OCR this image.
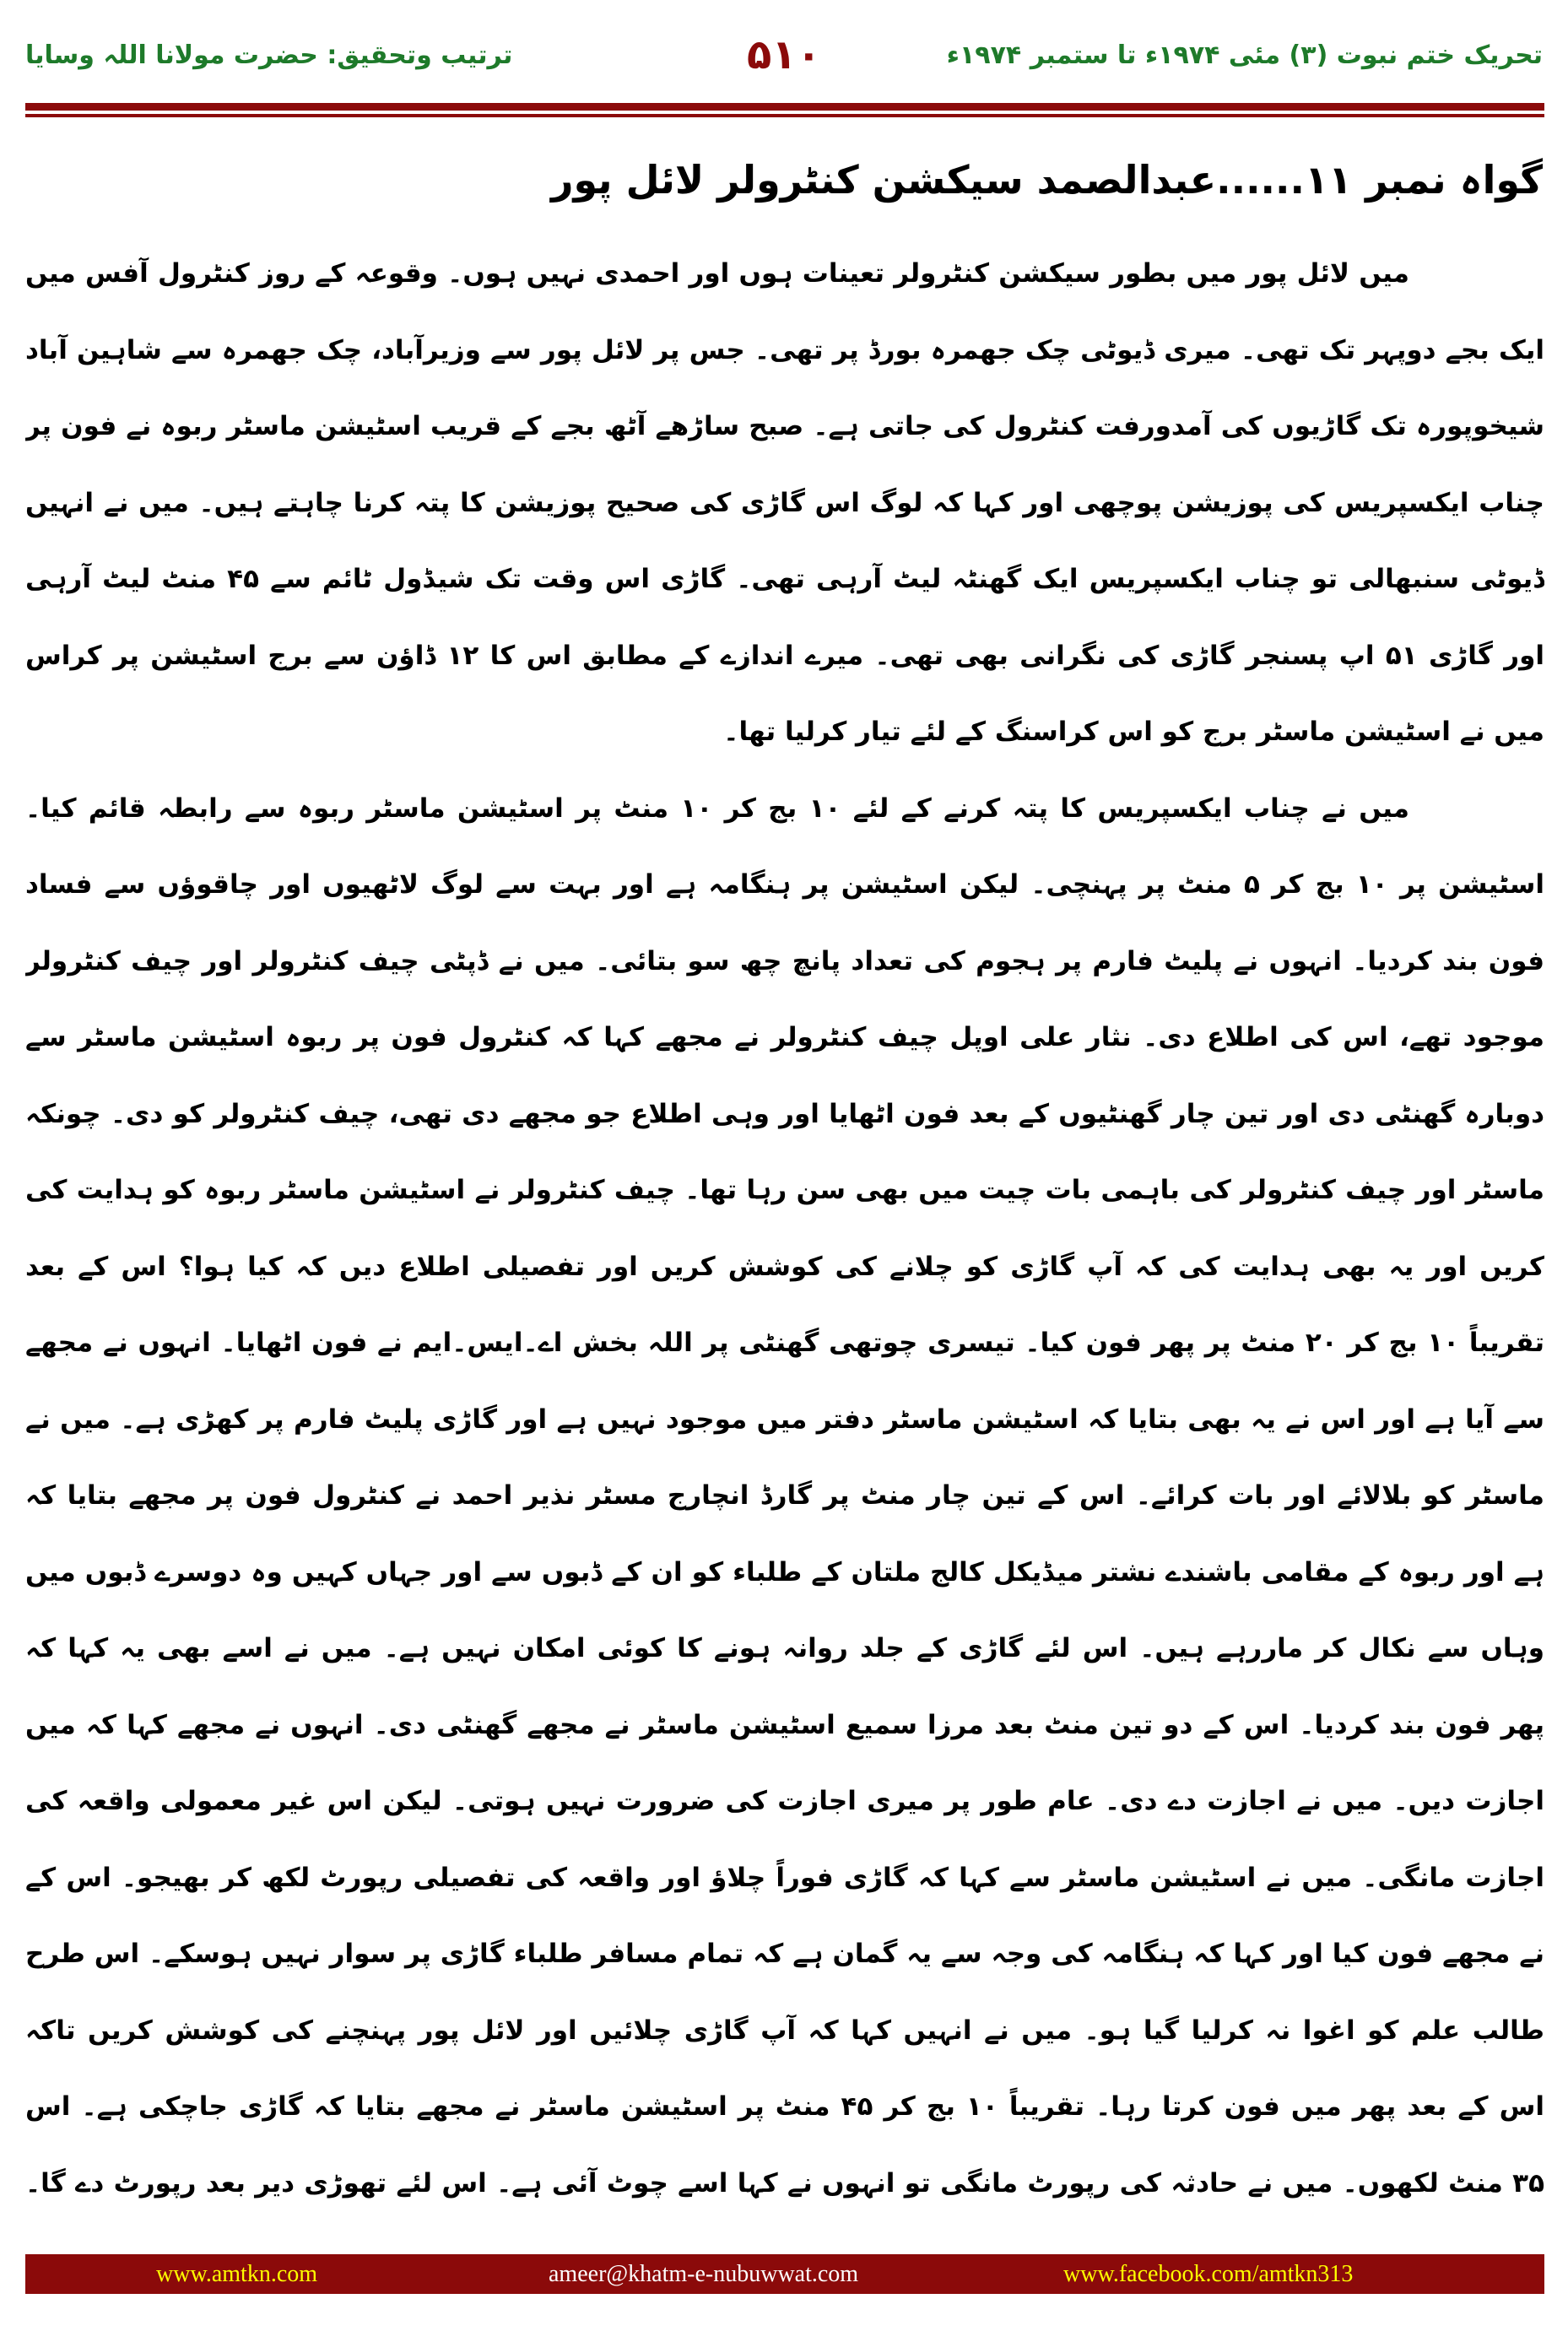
تحریک ختم نبوت (۳) مئی ۱۹۷۴ء تا ستمبر ۱۹۷۴ء
۵۱۰
ترتیب وتحقیق: حضرت مولانا اللہ وسایا
گواہ نمبر ۱۱......عبدالصمد سیکشن کنٹرولر لائل پور
میں لائل پور میں بطور سیکشن کنٹرولر تعینات ہوں اور احمدی نہیں ہوں۔ وقوعہ کے روز کنٹرول آفس میں
ایک بجے دوپہر تک تھی۔ میری ڈیوٹی چک جھمرہ بورڈ پر تھی۔ جس پر لائل پور سے وزیرآباد، چک جھمرہ سے شاہین آباد
شیخوپورہ تک گاڑیوں کی آمدورفت کنٹرول کی جاتی ہے۔ صبح ساڑھے آٹھ بجے کے قریب اسٹیشن ماسٹر ربوہ نے فون پر
چناب ایکسپریس کی پوزیشن پوچھی اور کہا کہ لوگ اس گاڑی کی صحیح پوزیشن کا پتہ کرنا چاہتے ہیں۔ میں نے انہیں
ڈیوٹی سنبھالی تو چناب ایکسپریس ایک گھنٹہ لیٹ آرہی تھی۔ گاڑی اس وقت تک شیڈول ٹائم سے ۴۵ منٹ لیٹ آرہی
اور گاڑی ۵۱ اپ پسنجر گاڑی کی نگرانی بھی تھی۔ میرے اندازے کے مطابق اس کا ۱۲ ڈاؤن سے برج اسٹیشن پر کراس
میں نے اسٹیشن ماسٹر برج کو اس کراسنگ کے لئے تیار کرلیا تھا۔
میں نے چناب ایکسپریس کا پتہ کرنے کے لئے ۱۰ بج کر ۱۰ منٹ پر اسٹیشن ماسٹر ربوہ سے رابطہ قائم کیا۔
اسٹیشن پر ۱۰ بج کر ۵ منٹ پر پہنچی۔ لیکن اسٹیشن پر ہنگامہ ہے اور بہت سے لوگ لاٹھیوں اور چاقوؤں سے فساد
فون بند کردیا۔ انہوں نے پلیٹ فارم پر ہجوم کی تعداد پانچ چھ سو بتائی۔ میں نے ڈپٹی چیف کنٹرولر اور چیف کنٹرولر
موجود تھے، اس کی اطلاع دی۔ نثار علی اوپل چیف کنٹرولر نے مجھے کہا کہ کنٹرول فون پر ربوہ اسٹیشن ماسٹر سے
دوبارہ گھنٹی دی اور تین چار گھنٹیوں کے بعد فون اٹھایا اور وہی اطلاع جو مجھے دی تھی، چیف کنٹرولر کو دی۔ چونکہ
ماسٹر اور چیف کنٹرولر کی باہمی بات چیت میں بھی سن رہا تھا۔ چیف کنٹرولر نے اسٹیشن ماسٹر ربوہ کو ہدایت کی
کریں اور یہ بھی ہدایت کی کہ آپ گاڑی کو چلانے کی کوشش کریں اور تفصیلی اطلاع دیں کہ کیا ہوا؟ اس کے بعد
تقریباً ۱۰ بج کر ۲۰ منٹ پر پھر فون کیا۔ تیسری چوتھی گھنٹی پر اللہ بخش اے۔ایس۔ایم نے فون اٹھایا۔ انہوں نے مجھے
سے آیا ہے اور اس نے یہ بھی بتایا کہ اسٹیشن ماسٹر دفتر میں موجود نہیں ہے اور گاڑی پلیٹ فارم پر کھڑی ہے۔ میں نے
ماسٹر کو بلالائے اور بات کرائے۔ اس کے تین چار منٹ پر گارڈ انچارج مسٹر نذیر احمد نے کنٹرول فون پر مجھے بتایا کہ
ہے اور ربوہ کے مقامی باشندے نشتر میڈیکل کالج ملتان کے طلباء کو ان کے ڈبوں سے اور جہاں کہیں وہ دوسرے ڈبوں میں
وہاں سے نکال کر ماررہے ہیں۔ اس لئے گاڑی کے جلد روانہ ہونے کا کوئی امکان نہیں ہے۔ میں نے اسے بھی یہ کہا کہ
پھر فون بند کردیا۔ اس کے دو تین منٹ بعد مرزا سمیع اسٹیشن ماسٹر نے مجھے گھنٹی دی۔ انہوں نے مجھے کہا کہ میں
اجازت دیں۔ میں نے اجازت دے دی۔ عام طور پر میری اجازت کی ضرورت نہیں ہوتی۔ لیکن اس غیر معمولی واقعہ کی
اجازت مانگی۔ میں نے اسٹیشن ماسٹر سے کہا کہ گاڑی فوراً چلاؤ اور واقعہ کی تفصیلی رپورٹ لکھ کر بھیجو۔ اس کے
نے مجھے فون کیا اور کہا کہ ہنگامہ کی وجہ سے یہ گمان ہے کہ تمام مسافر طلباء گاڑی پر سوار نہیں ہوسکے۔ اس طرح
طالب علم کو اغوا نہ کرلیا گیا ہو۔ میں نے انہیں کہا کہ آپ گاڑی چلائیں اور لائل پور پہنچنے کی کوشش کریں تاکہ
اس کے بعد پھر میں فون کرتا رہا۔ تقریباً ۱۰ بج کر ۴۵ منٹ پر اسٹیشن ماسٹر نے مجھے بتایا کہ گاڑی جاچکی ہے۔ اس
۳۵ منٹ لکھوں۔ میں نے حادثہ کی رپورٹ مانگی تو انہوں نے کہا اسے چوٹ آئی ہے۔ اس لئے تھوڑی دیر بعد رپورٹ دے گا۔
www.amtkn.com	ameer@khatm-e-nubuwwat.com	www.facebook.com/amtkn313
